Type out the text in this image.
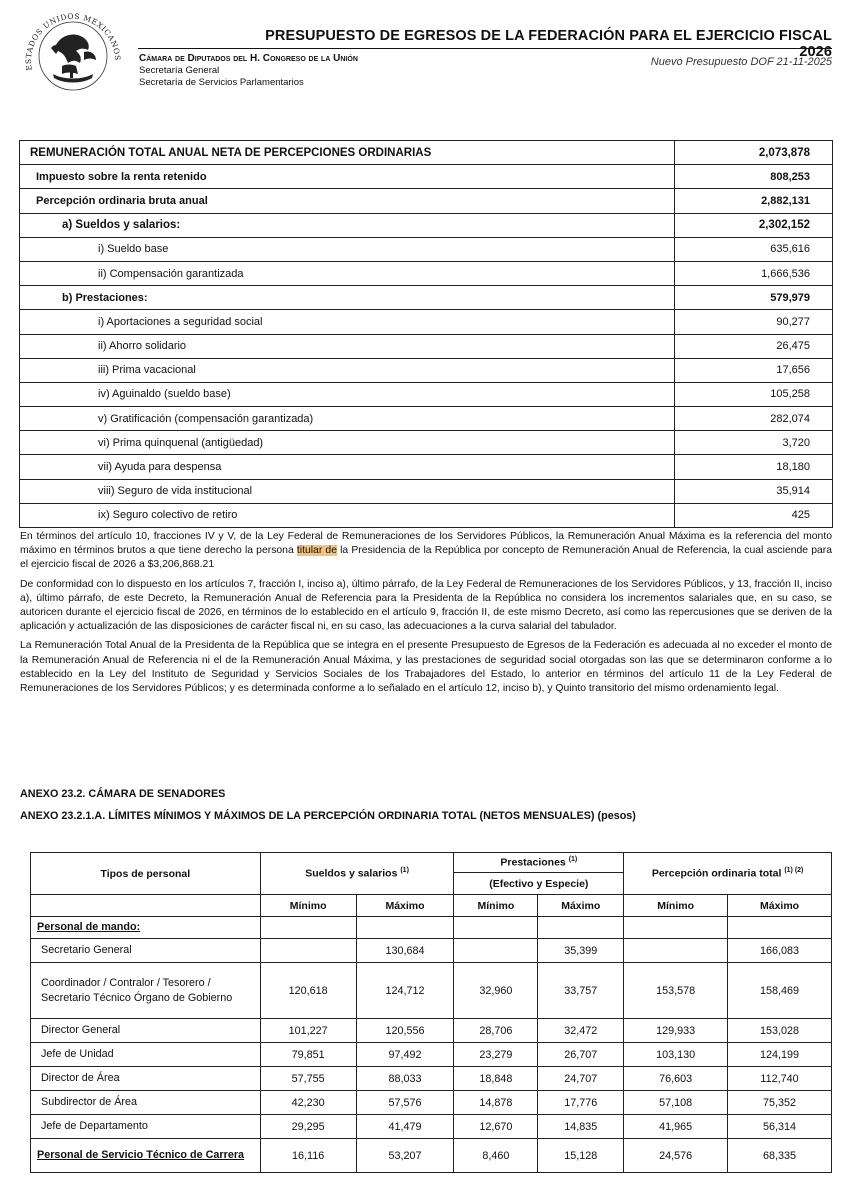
ESTADOS UNIDOS MEXICANOS
PRESUPUESTO DE EGRESOS DE LA FEDERACIÓN PARA EL EJERCICIO FISCAL 2026
Cámara de Diputados del H. Congreso de la Unión
Secretaría General
Secretaría de Servicios Parlamentarios
Nuevo Presupuesto DOF 21-11-2025
REMUNERACIÓN TOTAL ANUAL NETA DE PERCEPCIONES ORDINARIAS	2,073,878
Impuesto sobre la renta retenido	808,253
Percepción ordinaria bruta anual	2,882,131
a) Sueldos y salarios:	2,302,152
i) Sueldo base	635,616
ii) Compensación garantizada	1,666,536
b) Prestaciones:	579,979
i) Aportaciones a seguridad social	90,277
ii) Ahorro solidario	26,475
iii) Prima vacacional	17,656
iv) Aguinaldo (sueldo base)	105,258
v) Gratificación (compensación garantizada)	282,074
vi) Prima quinquenal (antigüedad)	3,720
vii) Ayuda para despensa	18,180
viii) Seguro de vida institucional	35,914
ix) Seguro colectivo de retiro	425

En términos del artículo 10, fracciones IV y V, de la Ley Federal de Remuneraciones de los Servidores Públicos, la Remuneración Anual Máxima es la referencia del monto máximo en términos brutos a que tiene derecho la persona titular de la Presidencia de la República por concepto de Remuneración Anual de Referencia, la cual asciende para el ejercicio fiscal de 2026 a $3,206,868.21

De conformidad con lo dispuesto en los artículos 7, fracción I, inciso a), último párrafo, de la Ley Federal de Remuneraciones de los Servidores Públicos, y 13, fracción II, inciso a), último párrafo, de este Decreto, la Remuneración Anual de Referencia para la Presidenta de la República no considera los incrementos salariales que, en su caso, se autoricen durante el ejercicio fiscal de 2026, en términos de lo establecido en el artículo 9, fracción II, de este mismo Decreto, así como las repercusiones que se deriven de la aplicación y actualización de las disposiciones de carácter fiscal ni, en su caso, las adecuaciones a la curva salarial del tabulador.

La Remuneración Total Anual de la Presidenta de la República que se integra en el presente Presupuesto de Egresos de la Federación es adecuada al no exceder el monto de la Remuneración Anual de Referencia ni el de la Remuneración Anual Máxima, y las prestaciones de seguridad social otorgadas son las que se determinaron conforme a lo establecido en la Ley del Instituto de Seguridad y Servicios Sociales de los Trabajadores del Estado, lo anterior en términos del artículo 11 de la Ley Federal de Remuneraciones de los Servidores Públicos; y es determinada conforme a lo señalado en el artículo 12, inciso b), y Quinto transitorio del mismo ordenamiento legal.

ANEXO 23.2. CÁMARA DE SENADORES
ANEXO 23.2.1.A. LÍMITES MÍNIMOS Y MÁXIMOS DE LA PERCEPCIÓN ORDINARIA TOTAL (NETOS MENSUALES) (pesos)
Tipos de personal	Sueldos y salarios $^{(1)}$		Prestaciones $^{(1)}$		Percepción ordinaria total $^{(1) (2)}$
			(Efectivo y Especie)			
	Mínimo	Máximo	Mínimo	Máximo	Mínimo	Máximo
Personal de mando:						
Secretario General		130,684		35,399		166,083
Coordinador / Contralor / Tesorero / Secretario Técnico Órgano de Gobierno	120,618	124,712	32,960	33,757	153,578	158,469
Director General	101,227	120,556	28,706	32,472	129,933	153,028
Jefe de Unidad	79,851	97,492	23,279	26,707	103,130	124,199
Director de Área	57,755	88,033	18,848	24,707	76,603	112,740
Subdirector de Área	42,230	57,576	14,878	17,776	57,108	75,352
Jefe de Departamento	29,295	41,479	12,670	14,835	41,965	56,314
Personal de Servicio Técnico de Carrera	16,116	53,207	8,460	15,128	24,576	68,335
